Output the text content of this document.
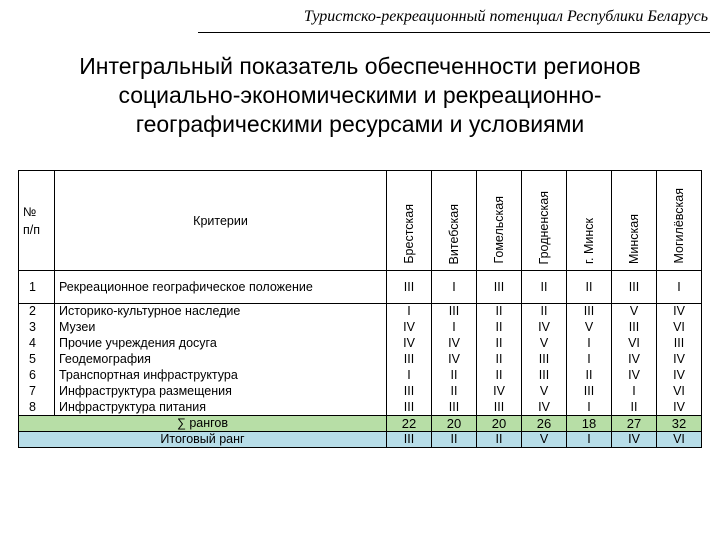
Туристско-рекреационный потенциал Республики Беларусь
Интегральный показатель обеспеченности регионов
социально-экономическими и рекреационно-
географическими ресурсами и условиями
№
п/п	Критерии	Брестская	Витебская	Гомельская	Гродненская	г. Минск	Минская	Могилёвская

1	Рекреационное географическое положение	III	I	III	II	II	III	I
2	Историко-культурное наследие	I	III	II	II	III	V	IV
3	Музеи	IV	I	II	IV	V	III	VI
4	Прочие учреждения досуга	IV	IV	II	V	I	VI	III
5	Геодемография	III	IV	II	III	I	IV	IV
6	Транспортная инфраструктура	I	II	II	III	II	IV	IV
7	Инфраструктура размещения	III	II	IV	V	III	I	VI
8	Инфраструктура питания	III	III	III	IV	I	II	IV
∑ рангов		22	20	20	26	18	27	32
Итоговый ранг		III	II	II	V	I	IV	VI
